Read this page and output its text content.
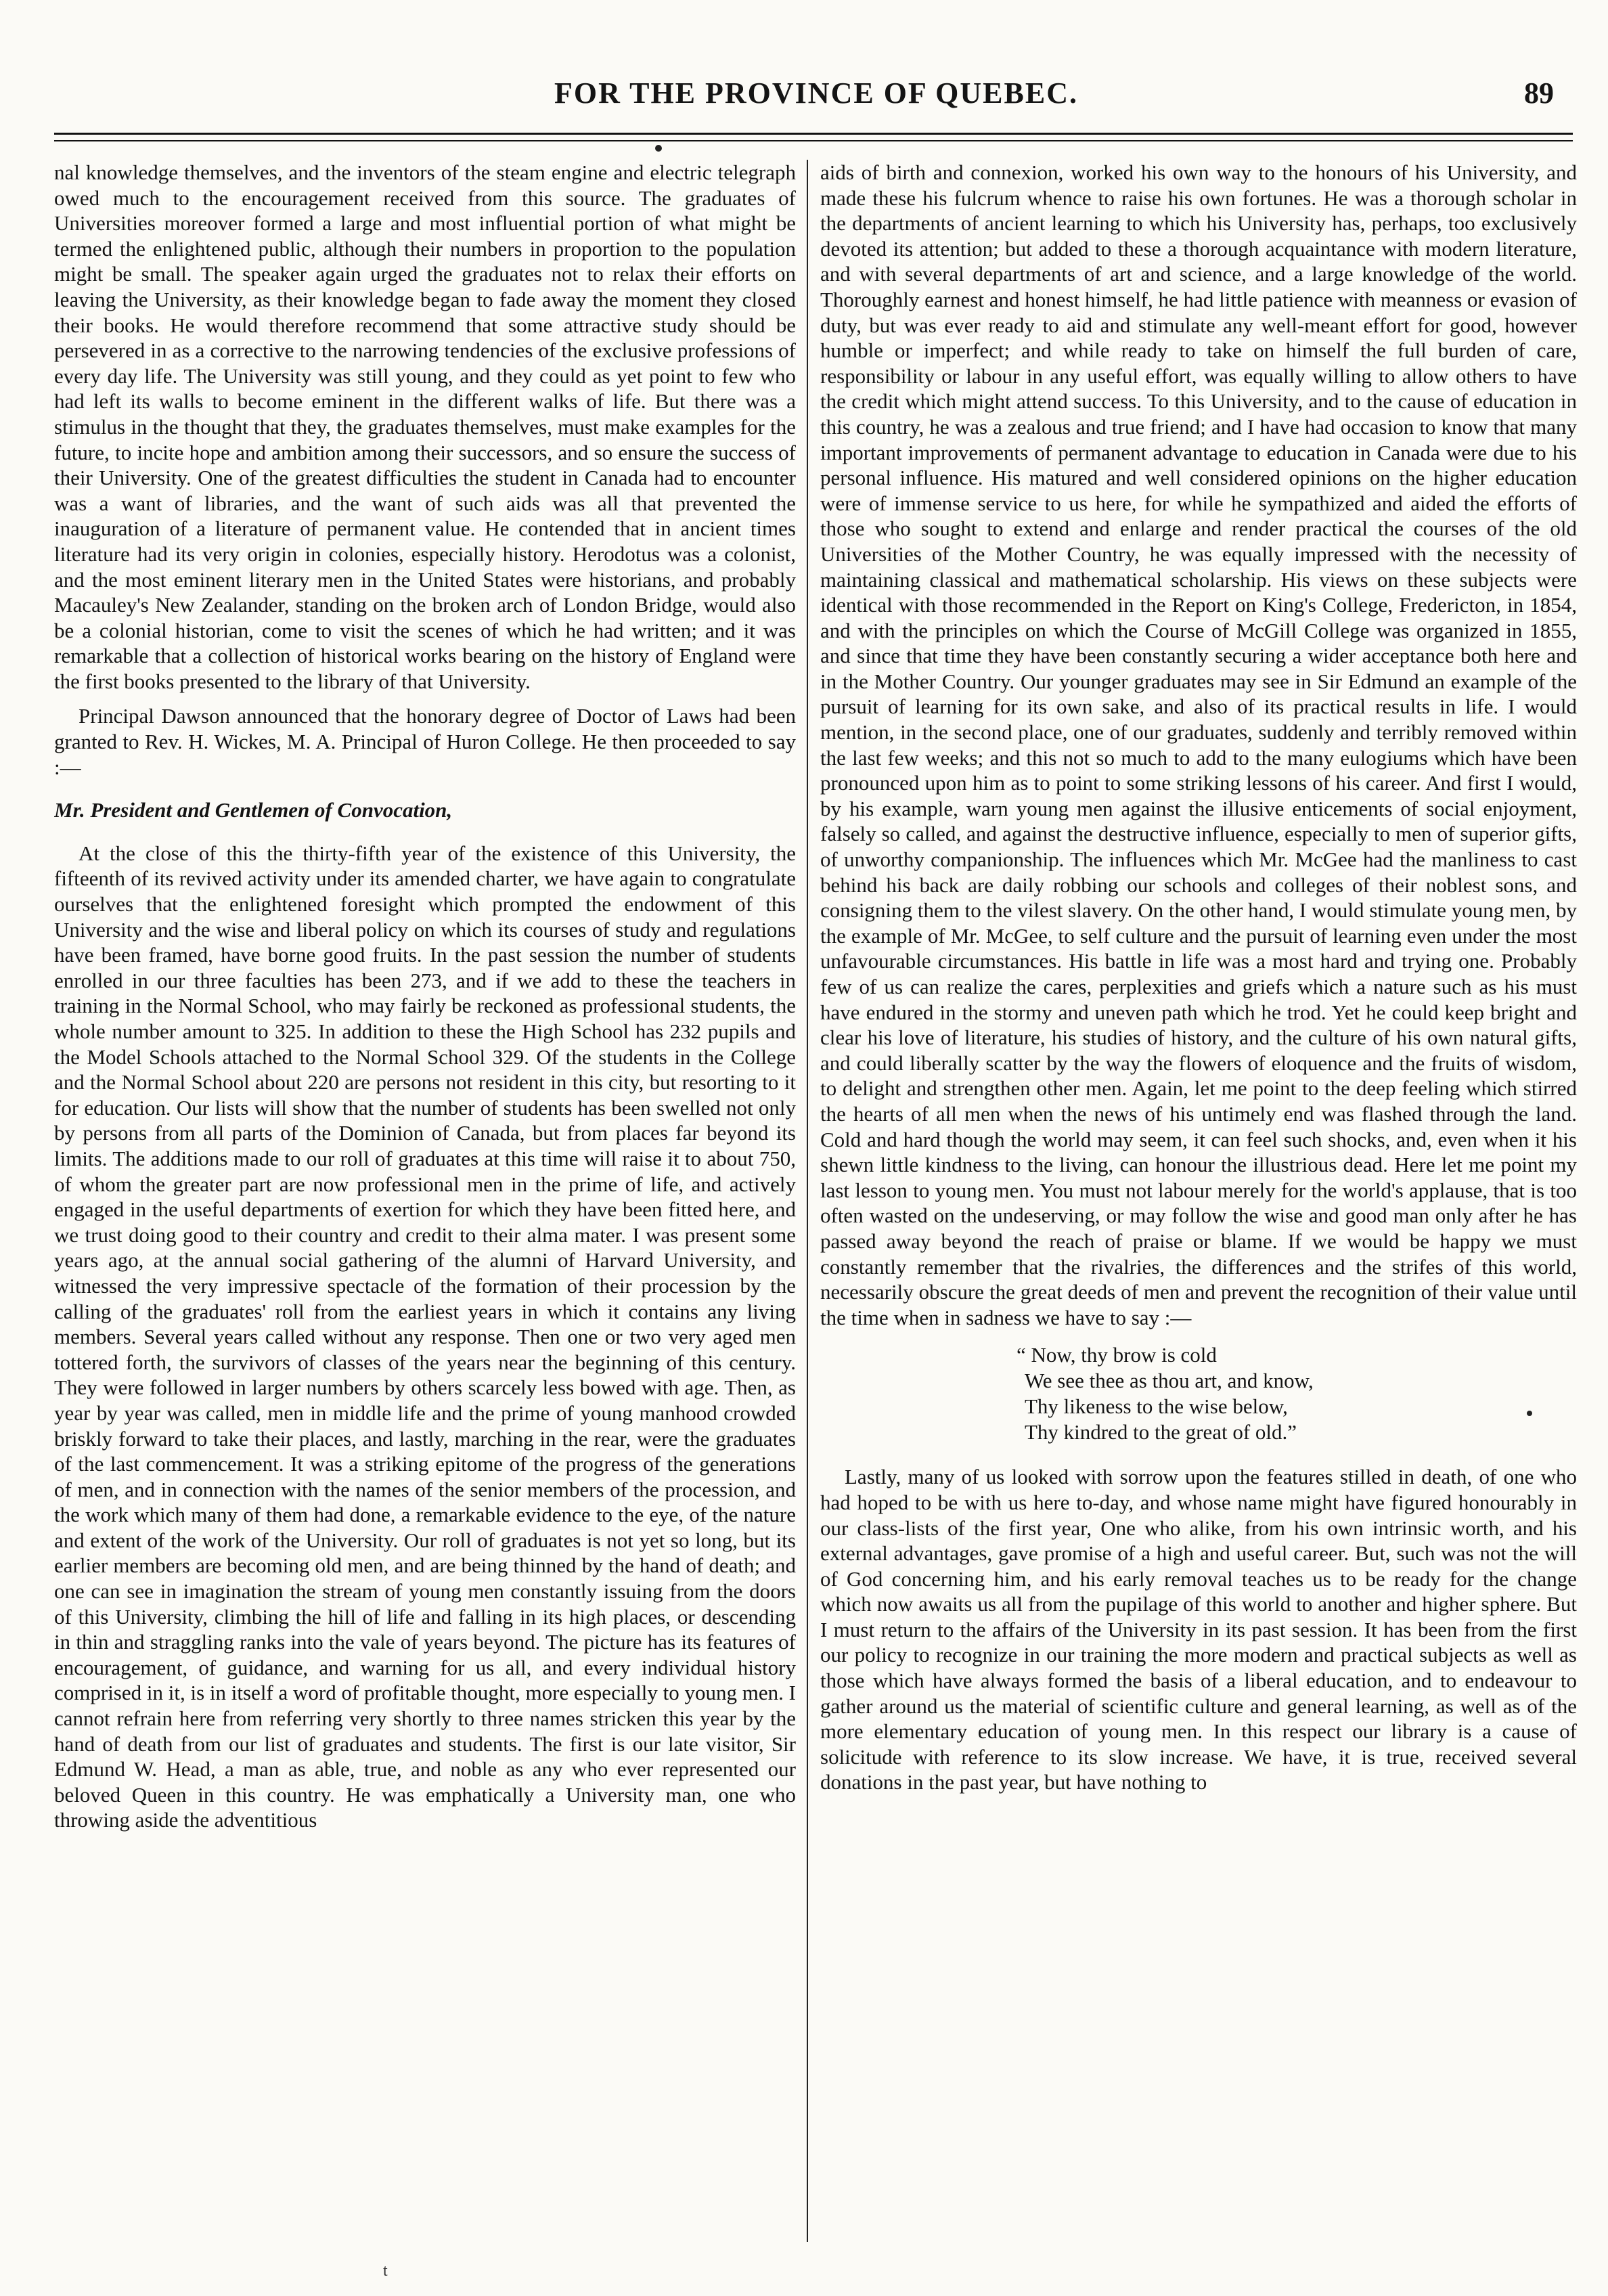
FOR THE PROVINCE OF QUEBEC.	89

nal knowledge themselves, and the inventors of the steam engine and electric telegraph owed much to the encouragement received from this source. The graduates of Universities moreover formed a large and most influential portion of what might be termed the enlightened public, although their numbers in proportion to the population might be small. The speaker again urged the graduates not to relax their efforts on leaving the University, as their knowledge began to fade away the moment they closed their books. He would therefore recommend that some attractive study should be persevered in as a corrective to the narrowing tendencies of the exclusive professions of every day life. The University was still young, and they could as yet point to few who had left its walls to become eminent in the different walks of life. But there was a stimulus in the thought that they, the graduates themselves, must make examples for the future, to incite hope and ambition among their successors, and so ensure the success of their University. One of the greatest difficulties the student in Canada had to encounter was a want of libraries, and the want of such aids was all that prevented the inauguration of a literature of permanent value. He contended that in ancient times literature had its very origin in colonies, especially history. Herodotus was a colonist, and the most eminent literary men in the United States were historians, and probably Macauley's New Zealander, standing on the broken arch of London Bridge, would also be a colonial historian, come to visit the scenes of which he had written; and it was remarkable that a collection of historical works bearing on the history of England were the first books presented to the library of that University.

Principal Dawson announced that the honorary degree of Doctor of Laws had been granted to Rev. H. Wickes, M. A. Principal of Huron College. He then proceeded to say :—

Mr. President and Gentlemen of Convocation,

At the close of this the thirty-fifth year of the existence of this University, the fifteenth of its revived activity under its amended charter, we have again to congratulate ourselves that the enlightened foresight which prompted the endowment of this University and the wise and liberal policy on which its courses of study and regulations have been framed, have borne good fruits. In the past session the number of students enrolled in our three faculties has been 273, and if we add to these the teachers in training in the Normal School, who may fairly be reckoned as professional students, the whole number amount to 325. In addition to these the High School has 232 pupils and the Model Schools attached to the Normal School 329. Of the students in the College and the Normal School about 220 are persons not resident in this city, but resorting to it for education. Our lists will show that the number of students has been swelled not only by persons from all parts of the Dominion of Canada, but from places far beyond its limits. The additions made to our roll of graduates at this time will raise it to about 750, of whom the greater part are now professional men in the prime of life, and actively engaged in the useful departments of exertion for which they have been fitted here, and we trust doing good to their country and credit to their alma mater. I was present some years ago, at the annual social gathering of the alumni of Harvard University, and witnessed the very impressive spectacle of the formation of their procession by the calling of the graduates' roll from the earliest years in which it contains any living members. Several years called without any response. Then one or two very aged men tottered forth, the survivors of classes of the years near the beginning of this century. They were followed in larger numbers by others scarcely less bowed with age. Then, as year by year was called, men in middle life and the prime of young manhood crowded briskly forward to take their places, and lastly, marching in the rear, were the graduates of the last commencement. It was a striking epitome of the progress of the generations of men, and in connection with the names of the senior members of the procession, and the work which many of them had done, a remarkable evidence to the eye, of the nature and extent of the work of the University. Our roll of graduates is not yet so long, but its earlier members are becoming old men, and are being thinned by the hand of death; and one can see in imagination the stream of young men constantly issuing from the doors of this University, climbing the hill of life and falling in its high places, or descending in thin and straggling ranks into the vale of years beyond. The picture has its features of encouragement, of guidance, and warning for us all, and every individual history comprised in it, is in itself a word of profitable thought, more especially to young men. I cannot refrain here from referring very shortly to three names stricken this year by the hand of death from our list of graduates and students. The first is our late visitor, Sir Edmund W. Head, a man as able, true, and noble as any who ever represented our beloved Queen in this country. He was emphatically a University man, one who throwing aside the adventitious

aids of birth and connexion, worked his own way to the honours of his University, and made these his fulcrum whence to raise his own fortunes. He was a thorough scholar in the departments of ancient learning to which his University has, perhaps, too exclusively devoted its attention; but added to these a thorough acquaintance with modern literature, and with several departments of art and science, and a large knowledge of the world. Thoroughly earnest and honest himself, he had little patience with meanness or evasion of duty, but was ever ready to aid and stimulate any well-meant effort for good, however humble or imperfect; and while ready to take on himself the full burden of care, responsibility or labour in any useful effort, was equally willing to allow others to have the credit which might attend success. To this University, and to the cause of education in this country, he was a zealous and true friend; and I have had occasion to know that many important improvements of permanent advantage to education in Canada were due to his personal influence. His matured and well considered opinions on the higher education were of immense service to us here, for while he sympathized and aided the efforts of those who sought to extend and enlarge and render practical the courses of the old Universities of the Mother Country, he was equally impressed with the necessity of maintaining classical and mathematical scholarship. His views on these subjects were identical with those recommended in the Report on King's College, Fredericton, in 1854, and with the principles on which the Course of McGill College was organized in 1855, and since that time they have been constantly securing a wider acceptance both here and in the Mother Country. Our younger graduates may see in Sir Edmund an example of the pursuit of learning for its own sake, and also of its practical results in life. I would mention, in the second place, one of our graduates, suddenly and terribly removed within the last few weeks; and this not so much to add to the many eulogiums which have been pronounced upon him as to point to some striking lessons of his career. And first I would, by his example, warn young men against the illusive enticements of social enjoyment, falsely so called, and against the destructive influence, especially to men of superior gifts, of unworthy companionship. The influences which Mr. McGee had the manliness to cast behind his back are daily robbing our schools and colleges of their noblest sons, and consigning them to the vilest slavery. On the other hand, I would stimulate young men, by the example of Mr. McGee, to self culture and the pursuit of learning even under the most unfavourable circumstances. His battle in life was a most hard and trying one. Probably few of us can realize the cares, perplexities and griefs which a nature such as his must have endured in the stormy and uneven path which he trod. Yet he could keep bright and clear his love of literature, his studies of history, and the culture of his own natural gifts, and could liberally scatter by the way the flowers of eloquence and the fruits of wisdom, to delight and strengthen other men. Again, let me point to the deep feeling which stirred the hearts of all men when the news of his untimely end was flashed through the land. Cold and hard though the world may seem, it can feel such shocks, and, even when it his shewn little kindness to the living, can honour the illustrious dead. Here let me point my last lesson to young men. You must not labour merely for the world's applause, that is too often wasted on the undeserving, or may follow the wise and good man only after he has passed away beyond the reach of praise or blame. If we would be happy we must constantly remember that the rivalries, the differences and the strifes of this world, necessarily obscure the great deeds of men and prevent the recognition of their value until the time when in sadness we have to say :—

“ Now, thy brow is cold
We see thee as thou art, and know,
Thy likeness to the wise below,
Thy kindred to the great of old.”

Lastly, many of us looked with sorrow upon the features stilled in death, of one who had hoped to be with us here to-day, and whose name might have figured honourably in our class-lists of the first year, One who alike, from his own intrinsic worth, and his external advantages, gave promise of a high and useful career. But, such was not the will of God concerning him, and his early removal teaches us to be ready for the change which now awaits us all from the pupilage of this world to another and higher sphere. But I must return to the affairs of the University in its past session. It has been from the first our policy to recognize in our training the more modern and practical subjects as well as those which have always formed the basis of a liberal education, and to endeavour to gather around us the material of scientific culture and general learning, as well as of the more elementary education of young men. In this respect our library is a cause of solicitude with reference to its slow increase. We have, it is true, received several donations in the past year, but have nothing to

t
